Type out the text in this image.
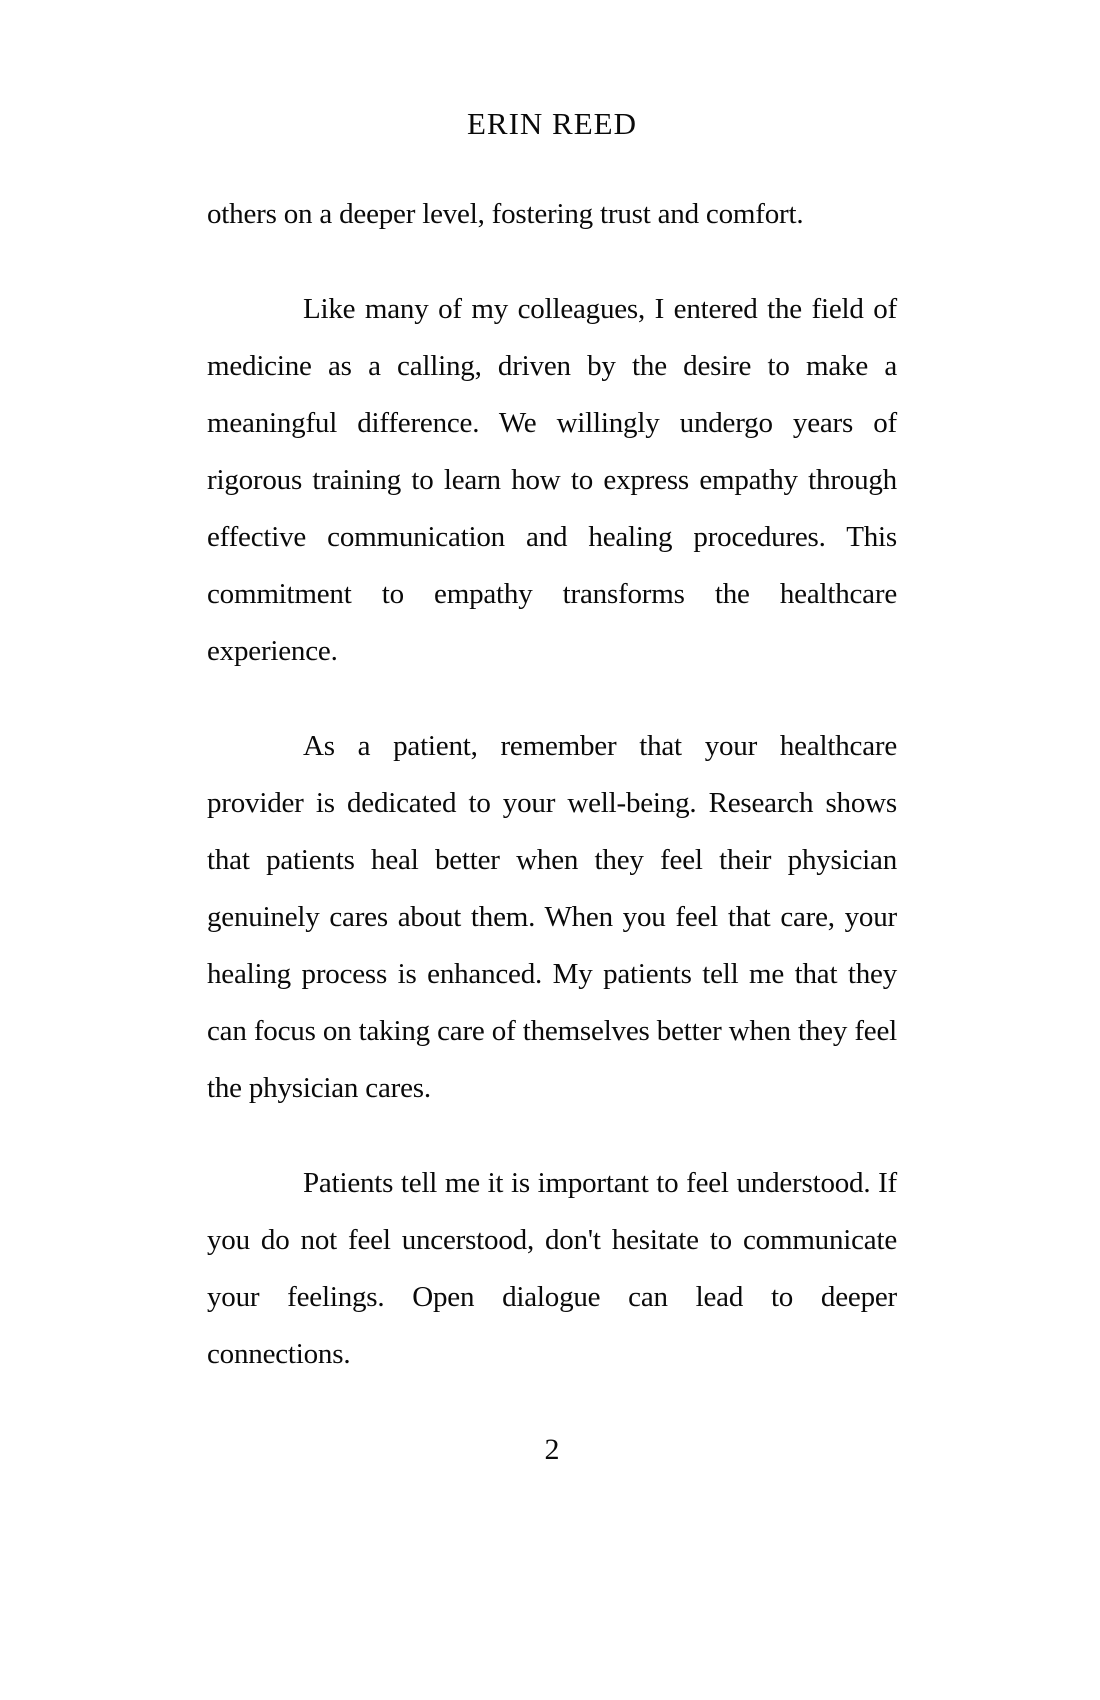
ERIN REED

others on a deeper level, fostering trust and comfort.

Like many of my colleagues, I entered the field of medicine as a calling, driven by the desire to make a meaningful difference. We willingly undergo years of rigorous training to learn how to express empathy through effective communication and healing procedures. This commitment to empathy transforms the healthcare experience.

As a patient, remember that your healthcare provider is dedicated to your well-being. Research shows that patients heal better when they feel their physician genuinely cares about them. When you feel that care, your healing process is enhanced. My patients tell me that they can focus on taking care of themselves better when they feel the physician cares.

Patients tell me it is important to feel understood. If you do not feel uncerstood, don't hesitate to communicate your feelings. Open dialogue can lead to deeper connections.

2
